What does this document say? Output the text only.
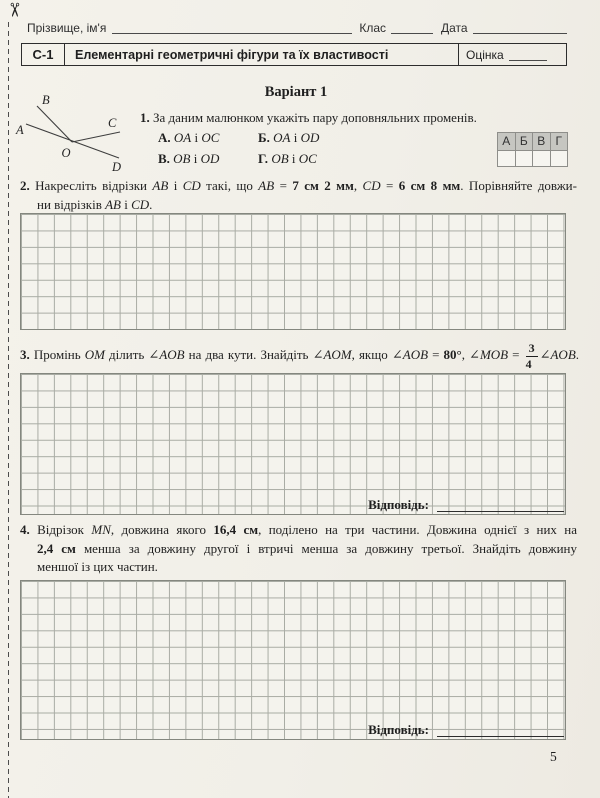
✂
Прізвище, ім'я	Клас	Дата
С-1	Елементарні геометричні фігури та їх властивості	Оцінка
Варіант 1
B
A	C
O
D
1. За даним малюнком укажіть пару доповняльних променів.
А. OA і OC	Б. OA і OD
В. OB і OD	Г. OB і OC
А Б В Г
2. Накресліть відрізки AB і CD такі, що AB = 7 см 2 мм, CD = 6 см 8 мм. Порівняйте довжи-
ни відрізків AB і CD.
3. Промінь OM ділить ∠AOB на два кути. Знайдіть ∠AOM, якщо ∠AOB = 80°, ∠MOB = $\frac{3}{4}$ ∠AOB.
Відповідь:
4. Відрізок MN, довжина якого 16,4 см, поділено на три частини. Довжина однієї з них на
2,4 см менша за довжину другої і втричі менша за довжину третьої. Знайдіть довжину
меншої із цих частин.
Відповідь:
5
